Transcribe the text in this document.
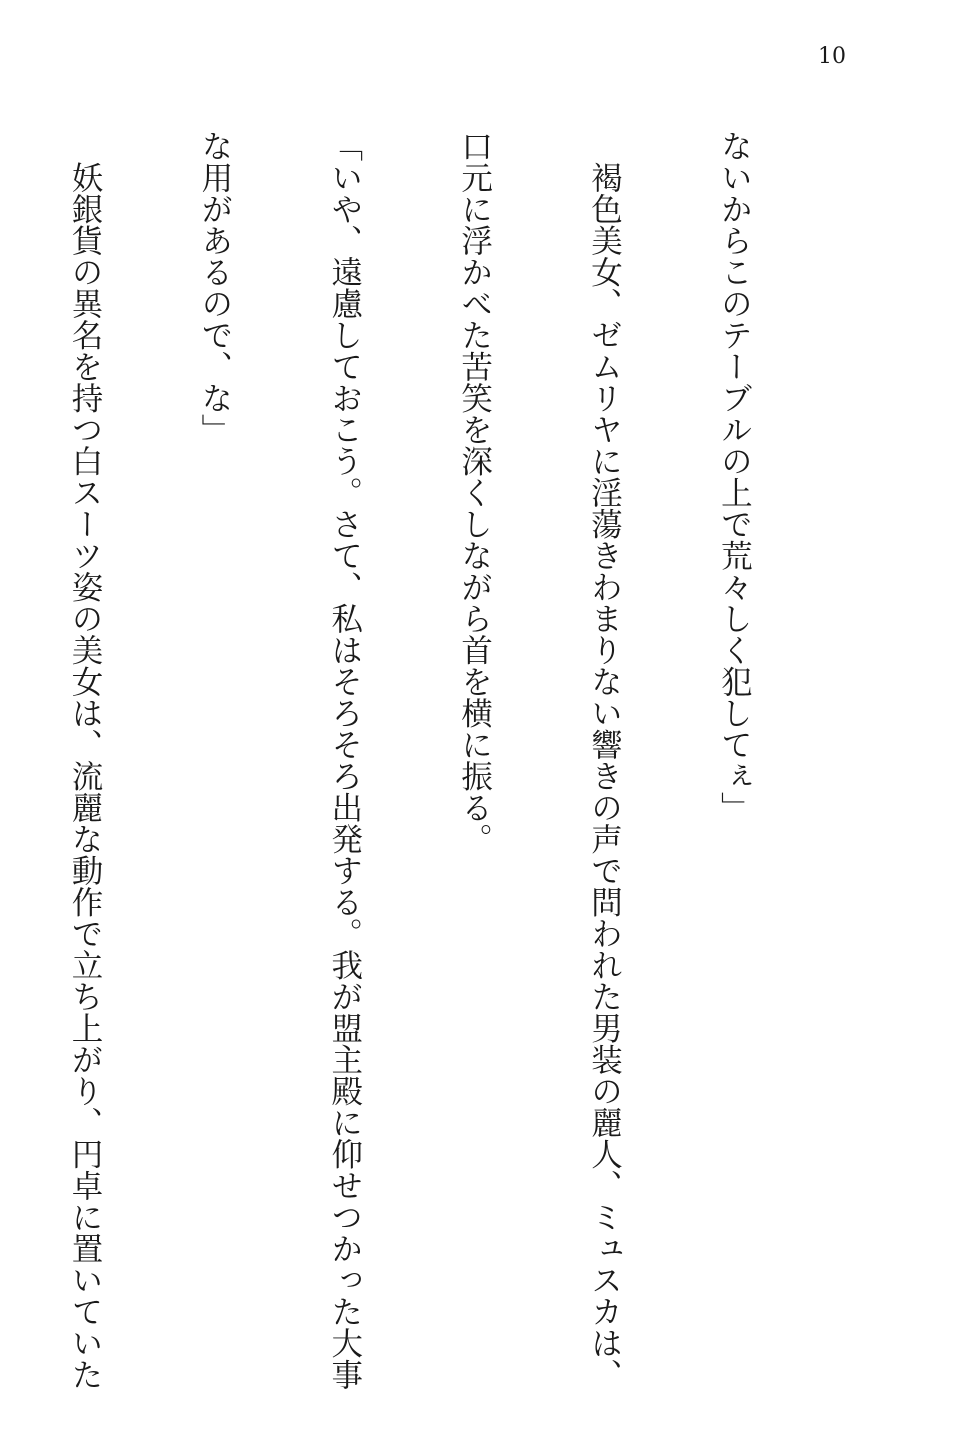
10

ないからこのテーブルの上で荒々しく犯してぇ」

　褐色美女、ゼムリヤに淫蕩きわまりない響きの声で問われた男装の麗人、ミュスカは、

口元に浮かべた苦笑を深くしながら首を横に振る。

「いや、遠慮しておこう。さて、私はそろそろ出発する。我が盟主殿に仰せつかった大事

な用があるので、な」

　妖銀貨の異名を持つ白スーツ姿の美女は、流麗な動作で立ち上がり、円卓に置いていた
